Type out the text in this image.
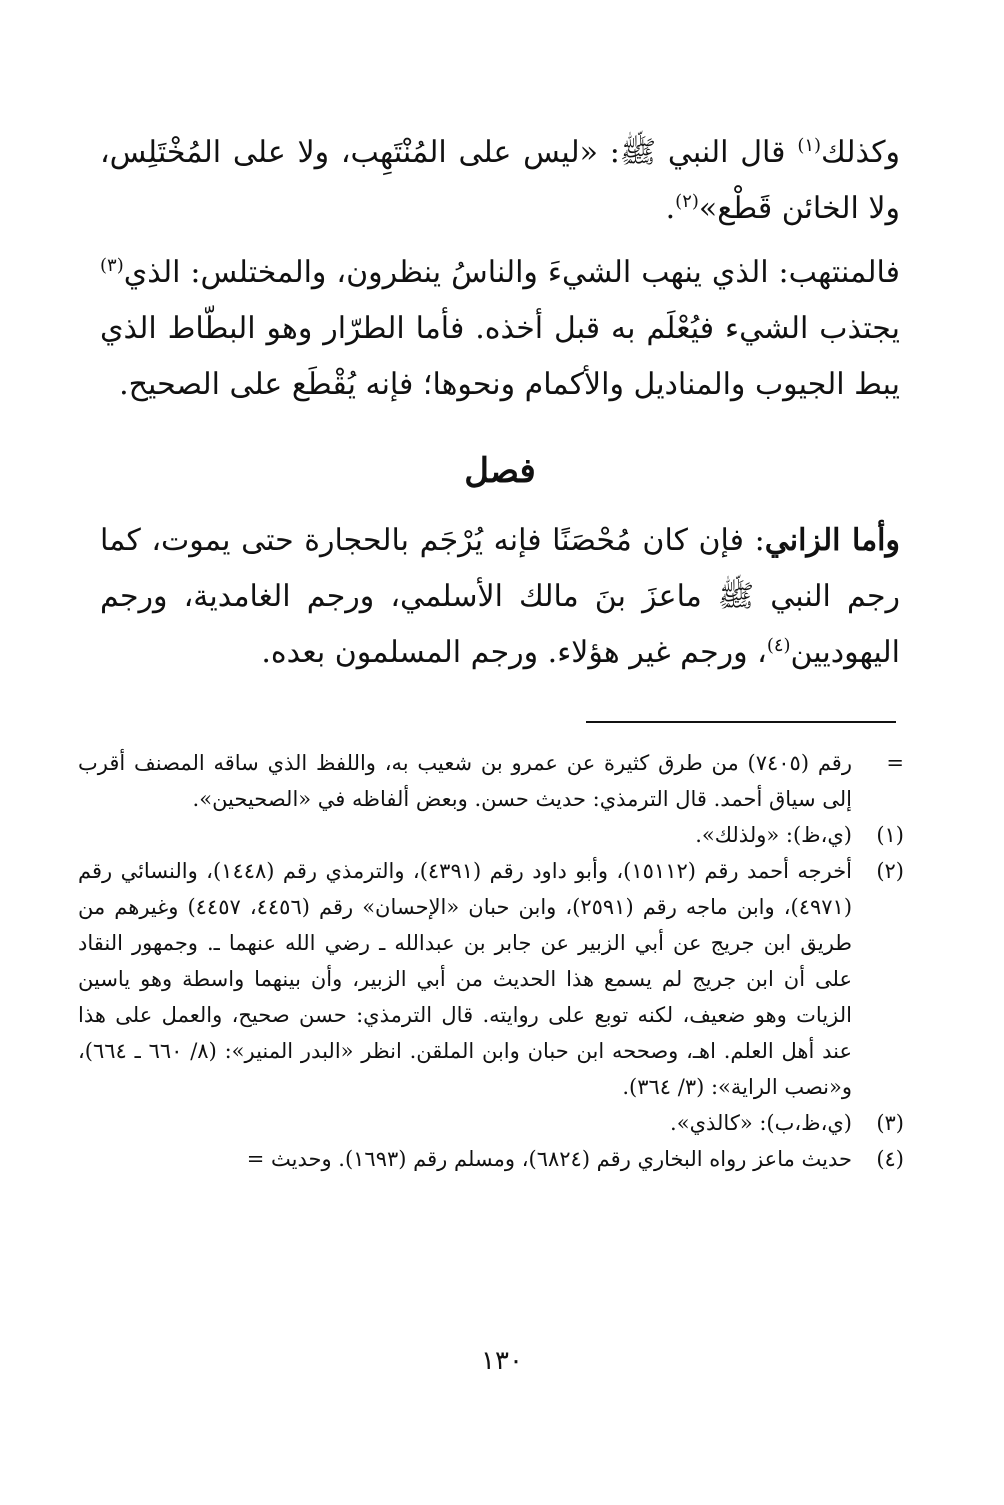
وكذلك$^{(١)}$ قال النبي ﷺ: «ليس على المُنْتَهِب، ولا على المُخْتَلِس، ولا الخائن قَطْع»$^{(٢)}$.

فالمنتهب: الذي ينهب الشيءَ والناسُ ينظرون، والمختلس: الذي$^{(٣)}$ يجتذب الشيء فيُعْلَم به قبل أخذه. فأما الطرّار وهو البطّاط الذي يبط الجيوب والمناديل والأكمام ونحوها؛ فإنه يُقْطَع على الصحيح.

فصل

وأما الزاني: فإن كان مُحْصَنًا فإنه يُرْجَم بالحجارة حتى يموت، كما رجم النبي ﷺ ماعزَ بنَ مالك الأسلمي، ورجم الغامدية، ورجم اليهوديين$^{(٤)}$، ورجم غير هؤلاء. ورجم المسلمون بعده.

=
رقم (٧٤٠٥) من طرق كثيرة عن عمرو بن شعيب به، واللفظ الذي ساقه المصنف أقرب إلى سياق أحمد. قال الترمذي: حديث حسن. وبعض ألفاظه في «الصحيحين».
(١)
(ي،ظ): «ولذلك».
(٢)
أخرجه أحمد رقم (١٥١١٢)، وأبو داود رقم (٤٣٩١)، والترمذي رقم (١٤٤٨)، والنسائي رقم (٤٩٧١)، وابن ماجه رقم (٢٥٩١)، وابن حبان «الإحسان» رقم (٤٤٥٦، ٤٤٥٧) وغيرهم من طريق ابن جريج عن أبي الزبير عن جابر بن عبدالله ـ رضي الله عنهما ـ. وجمهور النقاد على أن ابن جريج لم يسمع هذا الحديث من أبي الزبير، وأن بينهما واسطة وهو ياسين الزيات وهو ضعيف، لكنه توبع على روايته. قال الترمذي: حسن صحيح، والعمل على هذا عند أهل العلم. اهـ، وصححه ابن حبان وابن الملقن. انظر «البدر المنير»: (٨/ ٦٦٠ ـ ٦٦٤)، و«نصب الراية»: (٣/ ٣٦٤).
(٣)
(ي،ظ،ب): «كالذي».
(٤)
حديث ماعز رواه البخاري رقم (٦٨٢٤)، ومسلم رقم (١٦٩٣). وحديث =
١٣٠
